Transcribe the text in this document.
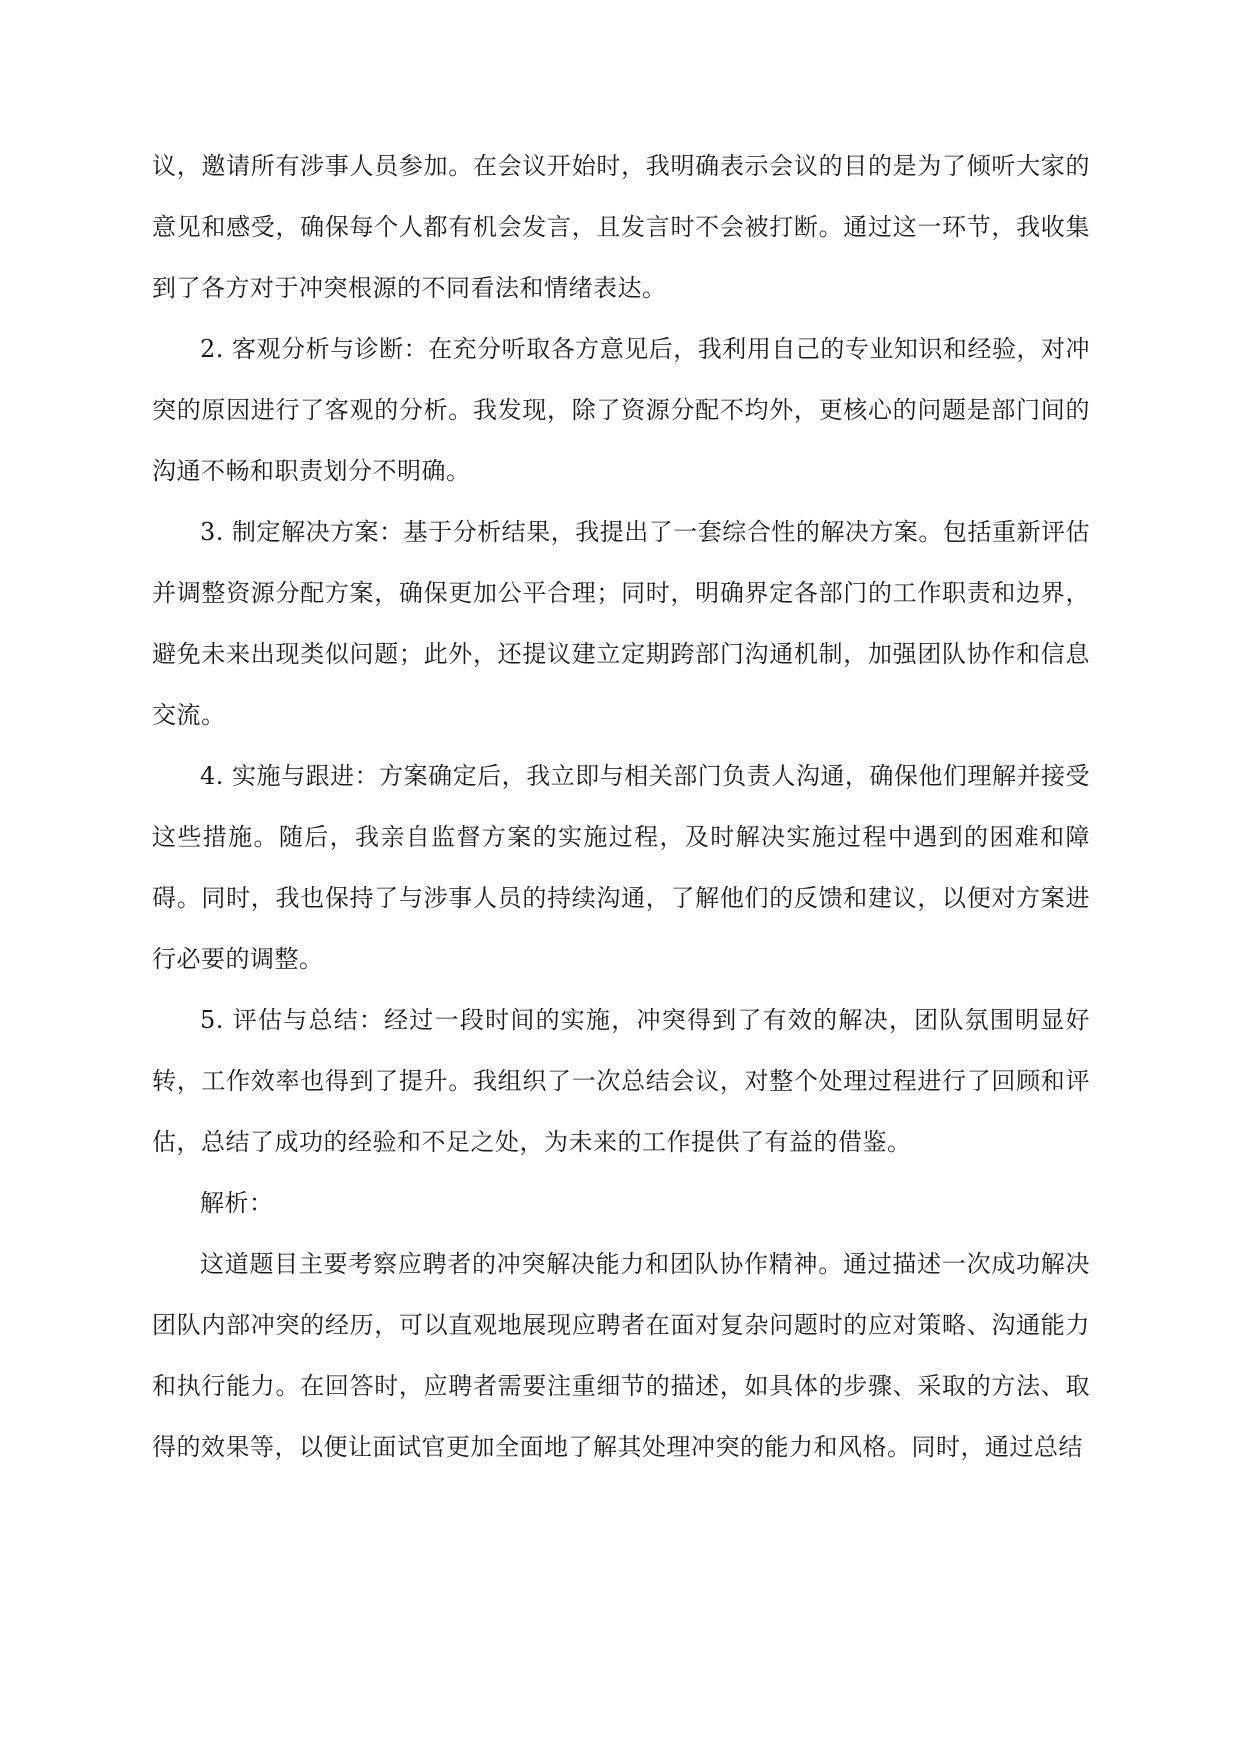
议，邀请所有涉事人员参加。在会议开始时，我明确表示会议的目的是为了倾听大家的意见和感受，确保每个人都有机会发言，且发言时不会被打断。通过这一环节，我收集到了各方对于冲突根源的不同看法和情绪表达。

2. 客观分析与诊断：在充分听取各方意见后，我利用自己的专业知识和经验，对冲突的原因进行了客观的分析。我发现，除了资源分配不均外，更核心的问题是部门间的沟通不畅和职责划分不明确。

3. 制定解决方案：基于分析结果，我提出了一套综合性的解决方案。包括重新评估并调整资源分配方案，确保更加公平合理；同时，明确界定各部门的工作职责和边界，避免未来出现类似问题；此外，还提议建立定期跨部门沟通机制，加强团队协作和信息交流。

4. 实施与跟进：方案确定后，我立即与相关部门负责人沟通，确保他们理解并接受这些措施。随后，我亲自监督方案的实施过程，及时解决实施过程中遇到的困难和障碍。同时，我也保持了与涉事人员的持续沟通，了解他们的反馈和建议，以便对方案进行必要的调整。

5. 评估与总结：经过一段时间的实施，冲突得到了有效的解决，团队氛围明显好转，工作效率也得到了提升。我组织了一次总结会议，对整个处理过程进行了回顾和评估，总结了成功的经验和不足之处，为未来的工作提供了有益的借鉴。

解析：

这道题目主要考察应聘者的冲突解决能力和团队协作精神。通过描述一次成功解决团队内部冲突的经历，可以直观地展现应聘者在面对复杂问题时的应对策略、沟通能力和执行能力。在回答时，应聘者需要注重细节的描述，如具体的步骤、采取的方法、取得的效果等，以便让面试官更加全面地了解其处理冲突的能力和风格。同时，通过总结
